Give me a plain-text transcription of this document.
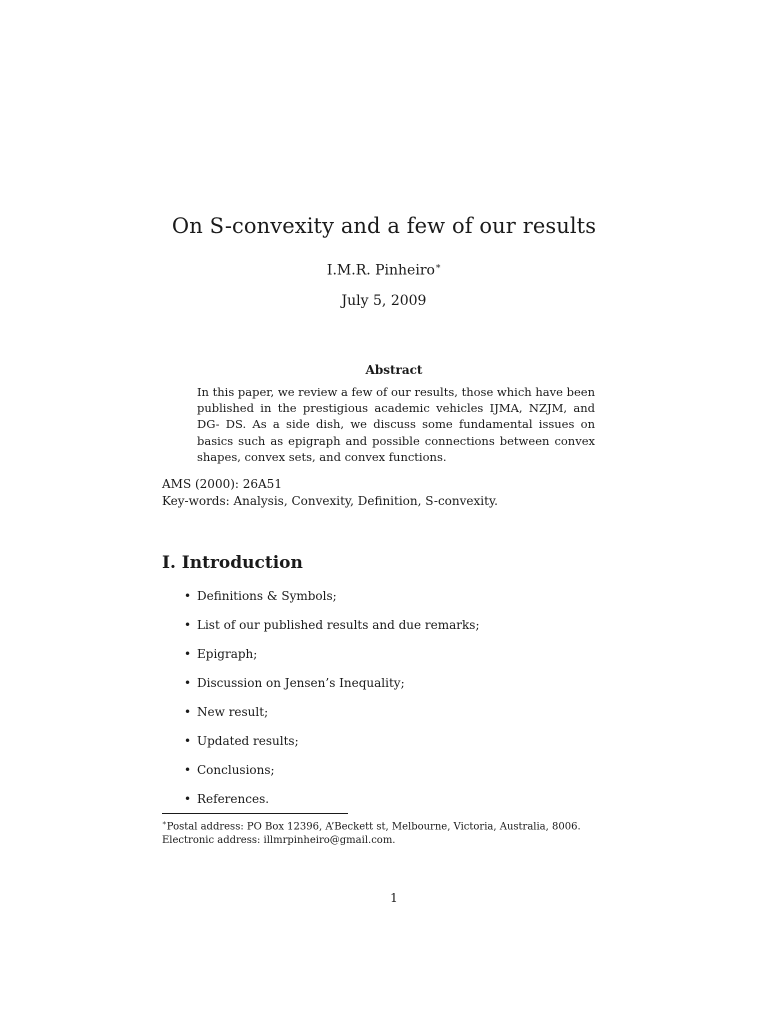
On S-convexity and a few of our results
I.M.R. Pinheiro∗
July 5, 2009
Abstract
In this paper, we review a few of our results, those which have been published in the prestigious academic vehicles IJMA, NZJM, and DG- DS. As a side dish, we discuss some fundamental issues on basics such as epigraph and possible connections between convex shapes, convex sets, and convex functions.
AMS (2000): 26A51
Key-words: Analysis, Convexity, Definition, S-convexity.
I. Introduction
• Definitions & Symbols;
• List of our published results and due remarks;
• Epigraph;
• Discussion on Jensen’s Inequality;
• New result;
• Updated results;
• Conclusions;
• References.
∗Postal address: PO Box 12396, A’Beckett st, Melbourne, Victoria, Australia, 8006.
Electronic address: illmrpinheiro@gmail.com.
1
